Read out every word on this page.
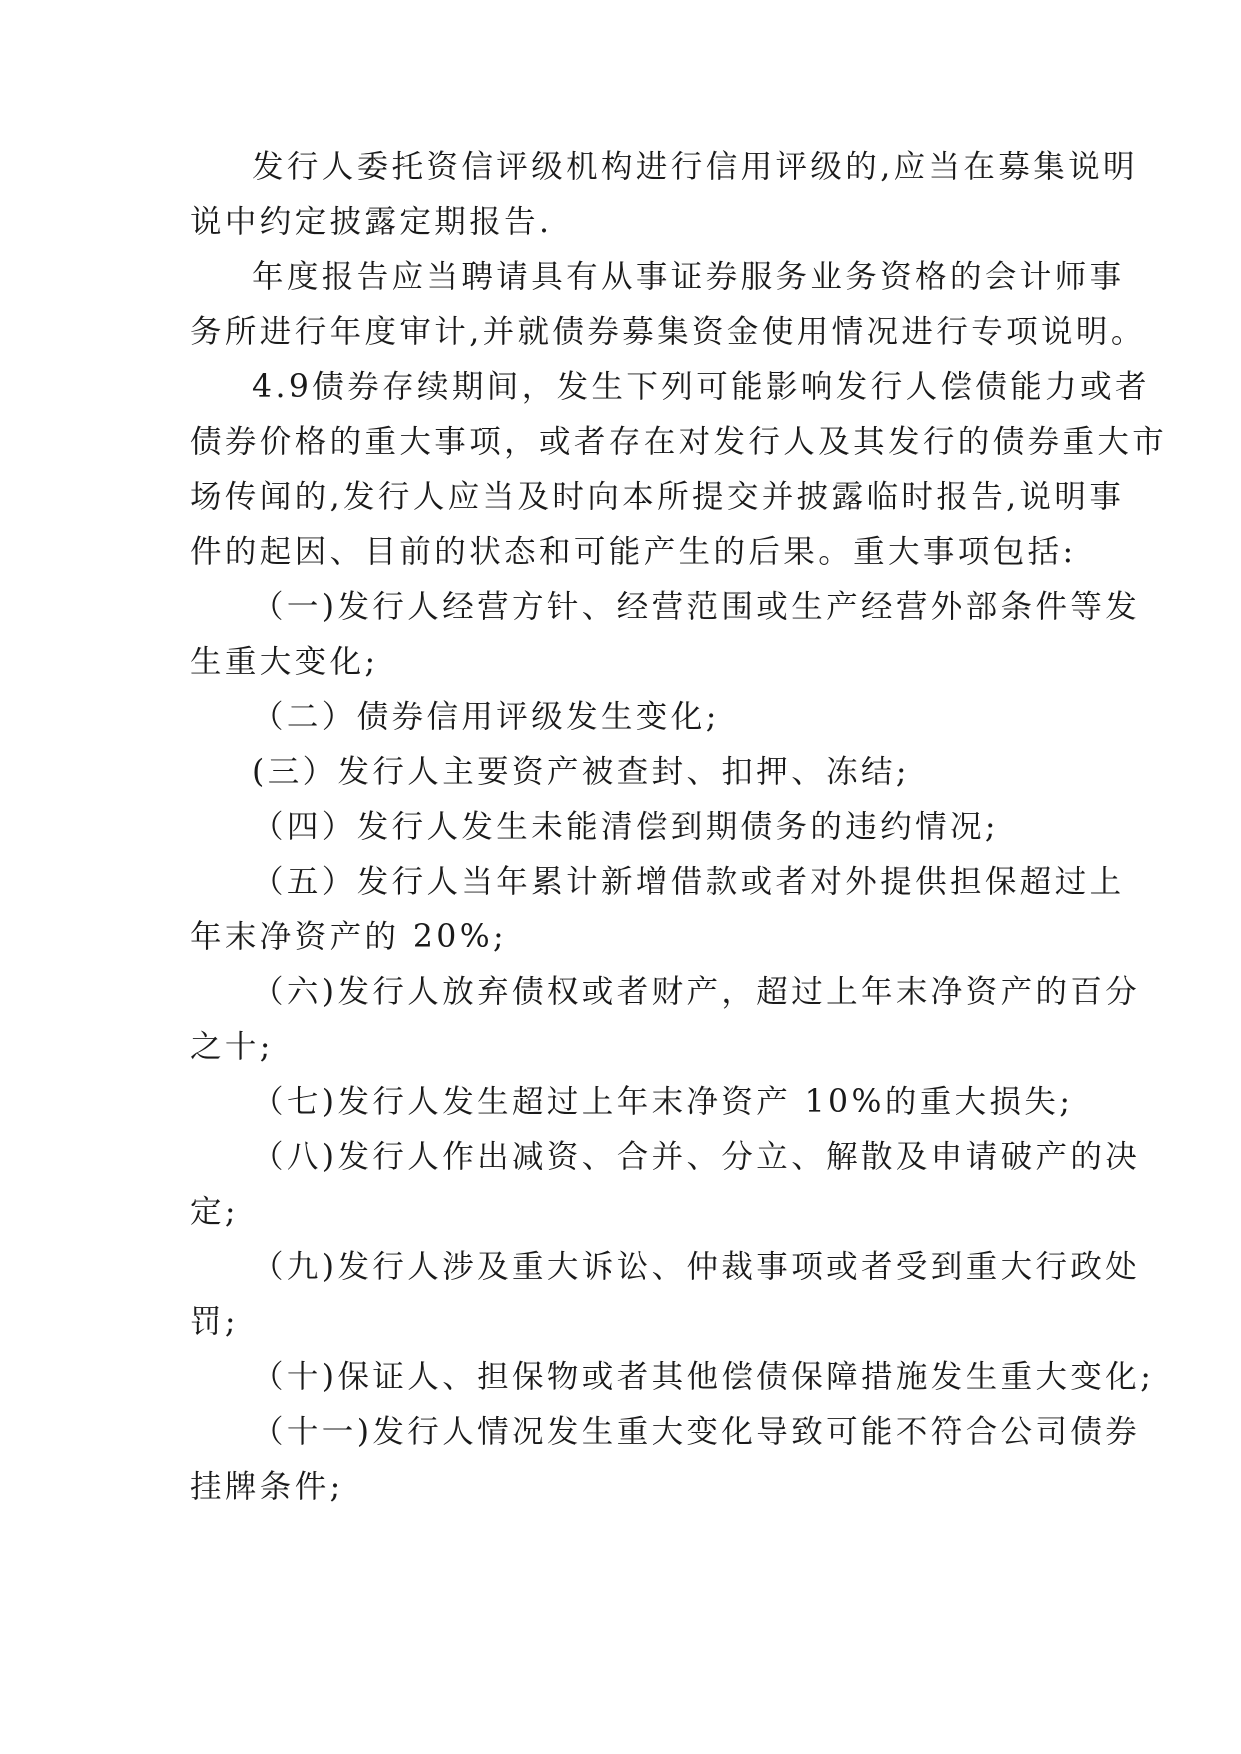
发行人委托资信评级机构进行信用评级的,应当在募集说明
说中约定披露定期报告.
年度报告应当聘请具有从事证券服务业务资格的会计师事
务所进行年度审计,并就债券募集资金使用情况进行专项说明。
4.9债券存续期间，发生下列可能影响发行人偿债能力或者
债券价格的重大事项，或者存在对发行人及其发行的债券重大市
场传闻的,发行人应当及时向本所提交并披露临时报告,说明事
件的起因、目前的状态和可能产生的后果。重大事项包括:
（一)发行人经营方针、经营范围或生产经营外部条件等发
生重大变化;
（二）债券信用评级发生变化;
(三）发行人主要资产被查封、扣押、冻结;
（四）发行人发生未能清偿到期债务的违约情况;
（五）发行人当年累计新增借款或者对外提供担保超过上
年末净资产的 20%;
（六)发行人放弃债权或者财产，超过上年末净资产的百分
之十;
（七)发行人发生超过上年末净资产 10%的重大损失;
（八)发行人作出减资、合并、分立、解散及申请破产的决
定;
（九)发行人涉及重大诉讼、仲裁事项或者受到重大行政处
罚;
（十)保证人、担保物或者其他偿债保障措施发生重大变化;
（十一)发行人情况发生重大变化导致可能不符合公司债券
挂牌条件;
